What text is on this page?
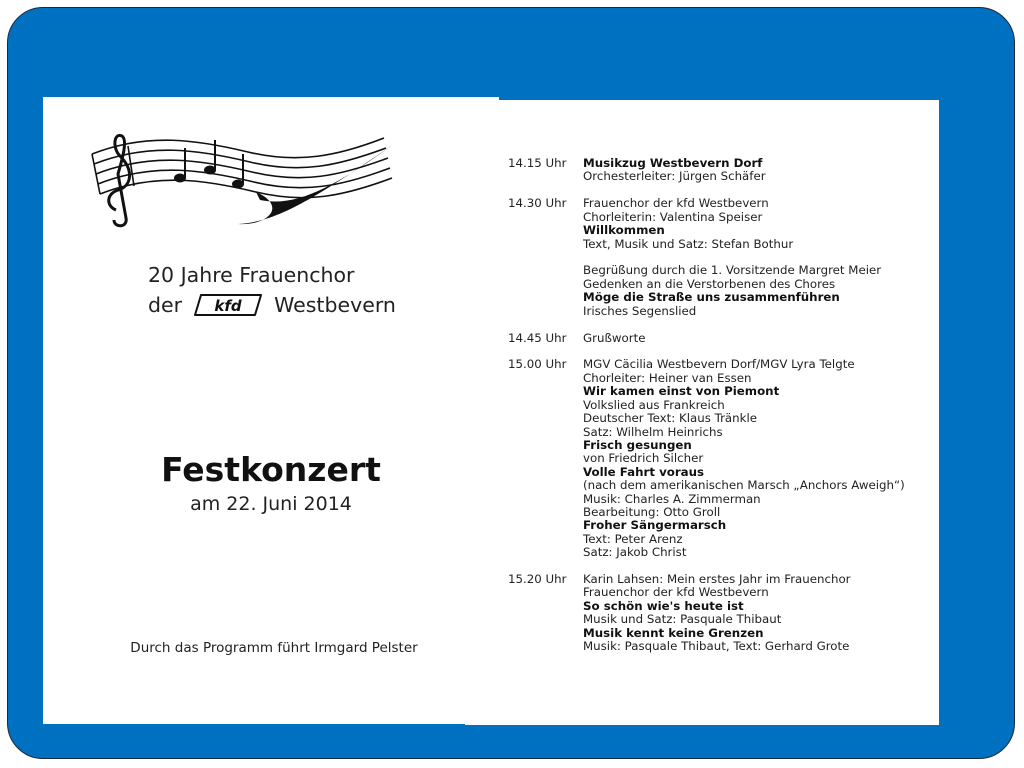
20 Jahre Frauenchor
der kfd Westbevern
Festkonzert
am 22. Juni 2014
Durch das Programm führt Irmgard Pelster
14.15 Uhr Musikzug Westbevern Dorf
Orchesterleiter: Jürgen Schäfer
14.30 Uhr Frauenchor der kfd Westbevern
Chorleiterin: Valentina Speiser
Willkommen
Text, Musik und Satz: Stefan Bothur
Begrüßung durch die 1. Vorsitzende Margret Meier
Gedenken an die Verstorbenen des Chores
Möge die Straße uns zusammenführen
Irisches Segenslied
14.45 Uhr Grußworte
15.00 Uhr MGV Cäcilia Westbevern Dorf/MGV Lyra Telgte
Chorleiter: Heiner van Essen
Wir kamen einst von Piemont
Volkslied aus Frankreich
Deutscher Text: Klaus Tränkle
Satz: Wilhelm Heinrichs
Frisch gesungen
von Friedrich Silcher
Volle Fahrt voraus
(nach dem amerikanischen Marsch „Anchors Aweigh“)
Musik: Charles A. Zimmerman
Bearbeitung: Otto Groll
Froher Sängermarsch
Text: Peter Arenz
Satz: Jakob Christ
15.20 Uhr Karin Lahsen: Mein erstes Jahr im Frauenchor
Frauenchor der kfd Westbevern
So schön wie's heute ist
Musik und Satz: Pasquale Thibaut
Musik kennt keine Grenzen
Musik: Pasquale Thibaut, Text: Gerhard Grote
